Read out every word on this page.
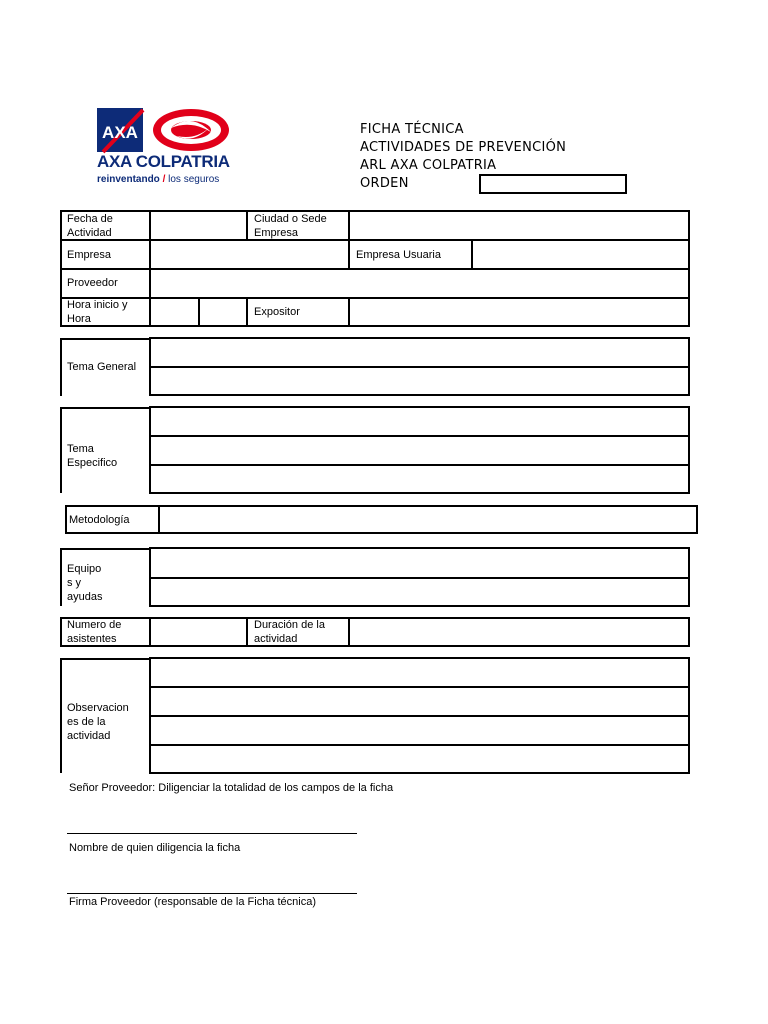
AXA
AXA COLPATRIA
reinventando / los seguros
FICHA TÉCNICA
ACTIVIDADES DE PREVENCIÓN
ARL AXA COLPATRIA
ORDEN
Fecha de Actividad
Ciudad o Sede Empresa
Empresa	Empresa Usuaria
Proveedor
Hora inicio y Hora
Expositor
Tema General
Tema Especifico
Metodología
Equipo s y ayudas
Numero de asistentes
Duración de la actividad
Observacion es de la actividad
Señor Proveedor: Diligenciar la totalidad de los campos de la ficha
Nombre de quien diligencia la ficha
Firma Proveedor (responsable de la Ficha técnica)
